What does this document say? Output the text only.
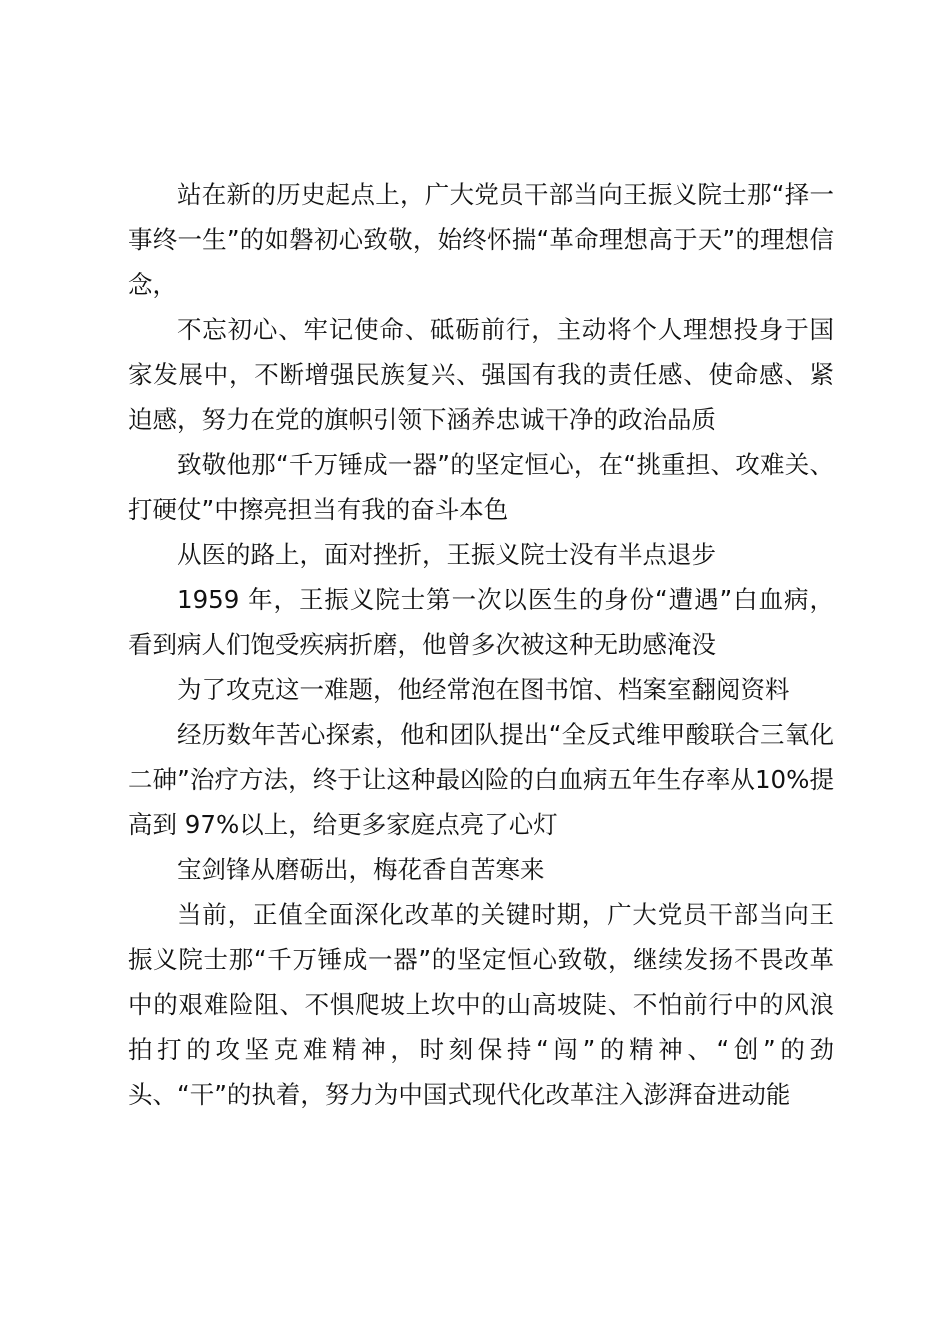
站在新的历史起点上，广大党员干部当向王振义院士那“择一事终一生”的如磐初心致敬，始终怀揣“革命理想高于天”的理想信念，

不忘初心、牢记使命、砥砺前行，主动将个人理想投身于国家发展中，不断增强民族复兴、强国有我的责任感、使命感、紧迫感，努力在党的旗帜引领下涵养忠诚干净的政治品质

致敬他那“千万锤成一器”的坚定恒心，在“挑重担、攻难关、打硬仗”中擦亮担当有我的奋斗本色

从医的路上，面对挫折，王振义院士没有半点退步

1959 年，王振义院士第一次以医生的身份“遭遇”白血病，看到病人们饱受疾病折磨，他曾多次被这种无助感淹没

为了攻克这一难题，他经常泡在图书馆、档案室翻阅资料

经历数年苦心探索，他和团队提出“全反式维甲酸联合三氧化二砷”治疗方法，终于让这种最凶险的白血病五年生存率从10%提高到 97%以上，给更多家庭点亮了心灯

宝剑锋从磨砺出，梅花香自苦寒来

当前，正值全面深化改革的关键时期，广大党员干部当向王振义院士那“千万锤成一器”的坚定恒心致敬，继续发扬不畏改革中的艰难险阻、不惧爬坡上坎中的山高坡陡、不怕前行中的风浪拍打的攻坚克难精神，时刻保持“闯”的精神、“创”的劲头、“干”的执着，努力为中国式现代化改革注入澎湃奋进动能
